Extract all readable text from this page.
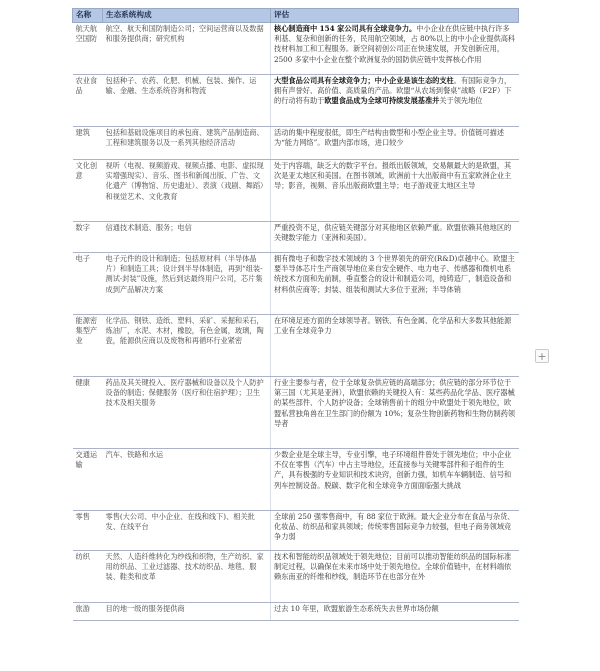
名称	生态系统构成	评估
航天航空国防	航空、航天和国防制造公司；空间运营商以及数据和服务提供商；研究机构	核心制造商中 154 家公司具有全球竞争力。中小企业在供应链中执行许多利基、复杂和创新的任务，民用航空领域，占 80%以上的中小企业提供高科技材料加工和工程服务。新空间初创公司正在快速发展，开发创新应用，2500 多家中小企业在整个欧洲复杂的国防供应链中发挥核心作用
农业食品	包括种子、农药、化肥、机械、包装、操作、运输、金融、生态系统咨询和物流	大型食品公司具有全球竞争力；中小企业是该生态的支柱。有国际竞争力，拥有声誉好、高价值、高质量的产品。欧盟“从农场到餐桌”战略（F2F）下的行动将有助于欧盟食品成为全球可持续发展基准并关于领先地位
建筑	包括和基础设施项目的承包商、建筑产品制造商、工程和建筑服务以及一系列其他经济活动	活动的集中程度很低，即生产结构由微型和小型企业主导。价值链可描述为“能力网络”。欧盟内部市场，进口较少
文化创意	视听（电视、视频游戏、视频点播、电影、虚拟现实增强现实）、音乐、图书和新闻出版、广告、文化遗产（博物馆、历史遗址）、表演（戏剧、舞蹈）和视觉艺术、文化教育	处于内容端，缺乏大的数字平台。报纸出版领域，交易额最大的是欧盟，其次是亚太地区和美国。在图书领域，欧洲前十大出版商中有五家欧洲企业主导；影音，视频、音乐出版商欧盟主导；电子游戏亚太地区主导
数字	信通技术制造、服务；电信	严重投资不足，供应链关键部分对其他地区依赖严重。欧盟依赖其他地区的关键数字能力（亚洲和美国）。
电子	电子元件的设计和制造；包括原材料（半导体晶片）和制造工具；设计到半导体制造，再到“组装-测试-封装”设施，然后到达最终用户公司，芯片集成到产品解决方案	拥有微电子和数字技术领域的 3 个世界领先的研究(R&D)卓越中心。欧盟主要半导体芯片生产商领导地位来自安全硬件、电力电子、传感器和微机电系统技术方面和先前制，垂直整合的设计和制造公司，纯铸造厂，制造设备和材料供应商等；封装、组装和测试大多位于亚洲；半导体销
能源密集型产业	化学品、钢铁、造纸、塑料、采矿、采掘和采石，炼油厂，水泥、木材，橡胶，有色金属，玻璃，陶瓷，能源供应商以及废物和再循环行业紧密	在环境足迹方面的全球领导者。钢铁、有色金属、化学品和大多数其他能源工业有全球竞争力
健康	药品及其关键投入、医疗器械和设备以及个人防护设备的制造；保健服务（医疗和住宿护理）；卫生技术及相关服务	行业主要参与者，位于全球复杂供应链的高端部分；供应链的部分环节位于第三国（尤其是亚洲），欧盟依赖的关键投入有：某些药品化学品、医疗器械的某些部件、个人防护设备；全球销售前十的组分中欧盟处于领先地位，欧盟私营独角兽在卫生部门的份额为 10%；复杂生物创新药物和生物仿制药领导者
交通运输	汽车、铁路和水运	少数企业是全球主导，专业引擎，电子环境组件曾处于领先地位；中小企业不仅在零售（汽车）中占主导地位，还直接参与关键零部件和子组件的生产，具有极强的专业知识和技术诀窍，创新力强，如机车车辆制造、信号和列车控制设备。脱碳、数字化和全球竞争方面面临强大挑战
零售	零售(大公司、中小企业、在线和线下)、相关批发、在线平台	全球前 250 强零售商中，有 88 家位于欧洲。最大企业分布在食品与杂货、化妆品、纺织品和家具领域；传统零售国际竞争力较强，但电子商务领域竞争力弱
纺织	天然、人造纤维转化为纱线和织物，生产纺织、家用纺织品、工业过滤器、技术纺织品、地毯、服装、鞋类和皮革	技术和智能纺织品领域处于领先地位；目前可以推动智能纺织品的国际标准制定过程，以确保在未来市场中处于领先地位。全球价值链中，在材料端依赖东南亚的纤维和纱线，制造环节在也部分在外
旅游	目的地一级的服务提供商	过去 10 年里，欧盟旅游生态系统失去世界市场份额
+
